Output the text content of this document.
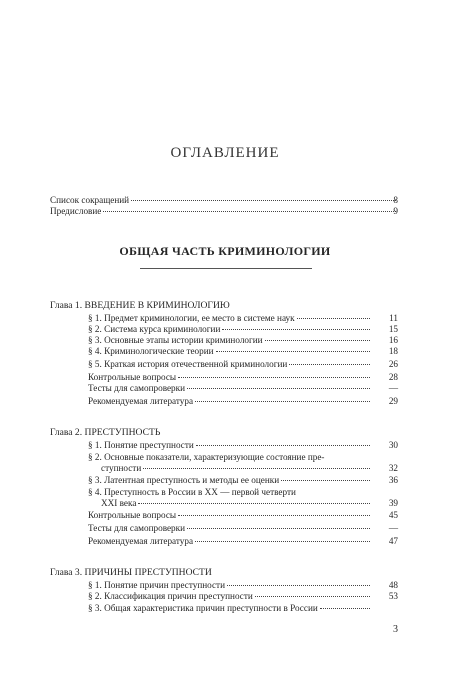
ОГЛАВЛЕНИЕ
Список сокращений	8
Предисловие	9
ОБЩАЯ ЧАСТЬ КРИМИНОЛОГИИ
Глава 1. ВВЕДЕНИЕ В КРИМИНОЛОГИЮ
§ 1. Предмет криминологии, ее место в системе наук	11
§ 2. Система курса криминологии	15
§ 3. Основные этапы истории криминологии	16
§ 4. Криминологические теории	18
§ 5. Краткая история отечественной криминологии	26
Контрольные вопросы	28
Тесты для самопроверки	—
Рекомендуемая литература	29
Глава 2. ПРЕСТУПНОСТЬ
§ 1. Понятие преступности	30
§ 2. Основные показатели, характеризующие состояние пре-
ступности	32
§ 3. Латентная преступность и методы ее оценки	36
§ 4. Преступность в России в XX — первой четверти
XXI века	39
Контрольные вопросы	45
Тесты для самопроверки	—
Рекомендуемая литература	47
Глава 3. ПРИЧИНЫ ПРЕСТУПНОСТИ
§ 1. Понятие причин преступности	48
§ 2. Классификация причин преступности	53
§ 3. Общая характеристика причин преступности в России
3
